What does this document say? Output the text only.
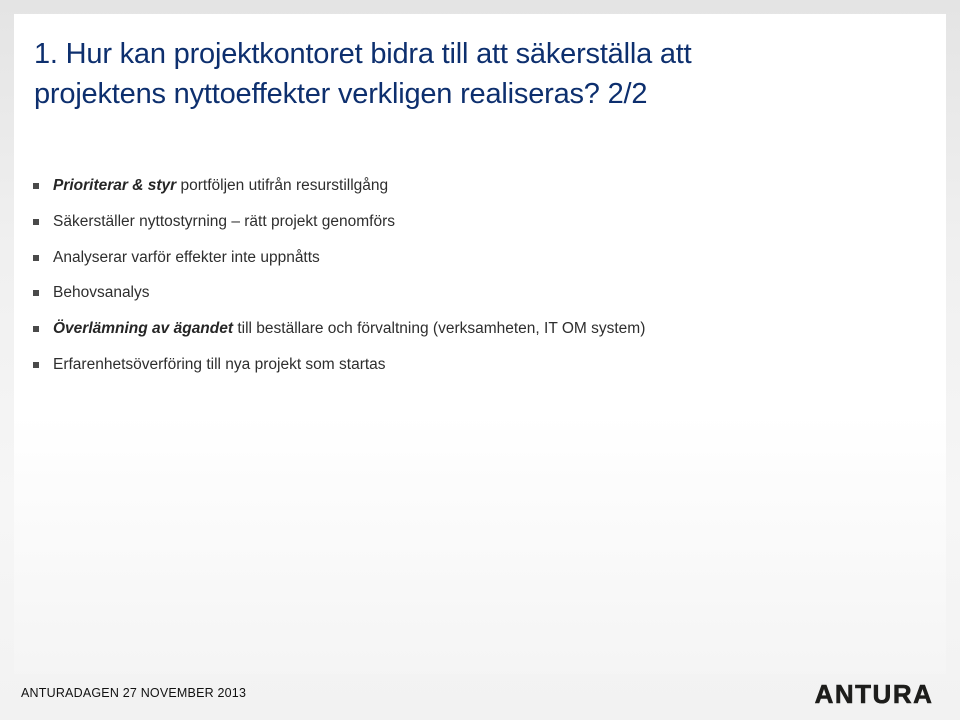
1. Hur kan projektkontoret bidra till att säkerställa att
projektens nyttoeffekter verkligen realiseras? 2/2
Prioriterar & styr portföljen utifrån resurstillgång
Säkerställer nyttostyrning – rätt projekt genomförs
Analyserar varför effekter inte uppnåtts
Behovsanalys
Överlämning av ägandet till beställare och förvaltning (verksamheten, IT OM system)
Erfarenhetsöverföring till nya projekt som startas
ANTURADAGEN 27 NOVEMBER 2013	ANTURA
